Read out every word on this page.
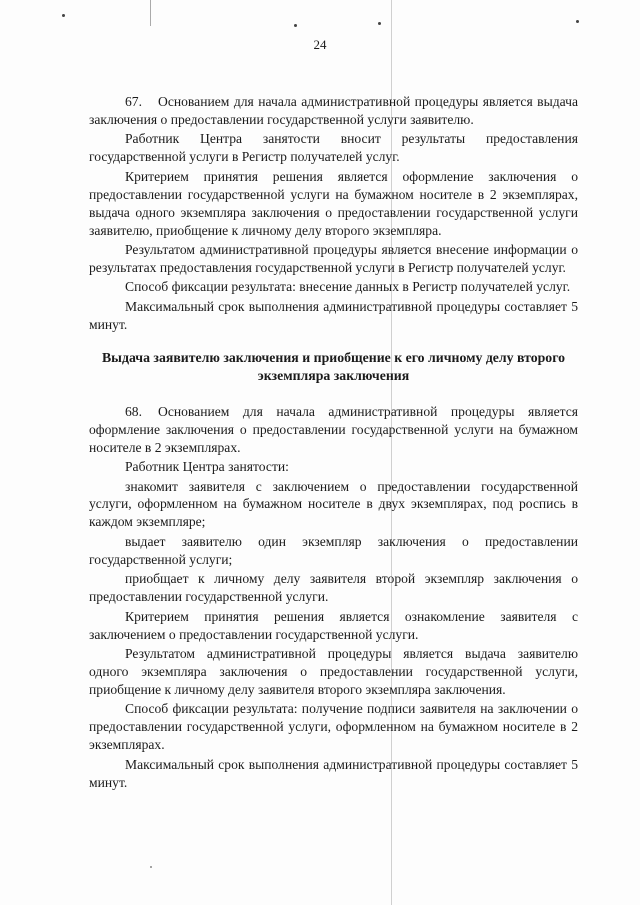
24

67. Основанием для начала административной процедуры является выдача заключения о предоставлении государственной услуги заявителю.

Работник Центра занятости вносит результаты предоставления государственной услуги в Регистр получателей услуг.

Критерием принятия решения является оформление заключения о предоставлении государственной услуги на бумажном носителе в 2 экземплярах, выдача одного экземпляра заключения о предоставлении государственной услуги заявителю, приобщение к личному делу второго экземпляра.

Результатом административной процедуры является внесение информации о результатах предоставления государственной услуги в Регистр получателей услуг.

Способ фиксации результата: внесение данных в Регистр получателей услуг.

Максимальный срок выполнения административной процедуры составляет 5 минут.

Выдача заявителю заключения и приобщение к его личному делу второго экземпляра заключения

68. Основанием для начала административной процедуры является оформление заключения о предоставлении государственной услуги на бумажном носителе в 2 экземплярах.

Работник Центра занятости:

знакомит заявителя с заключением о предоставлении государственной услуги, оформленном на бумажном носителе в двух экземплярах, под роспись в каждом экземпляре;

выдает заявителю один экземпляр заключения о предоставлении государственной услуги;

приобщает к личному делу заявителя второй экземпляр заключения о предоставлении государственной услуги.

Критерием принятия решения является ознакомление заявителя с заключением о предоставлении государственной услуги.

Результатом административной процедуры является выдача заявителю одного экземпляра заключения о предоставлении государственной услуги, приобщение к личному делу заявителя второго экземпляра заключения.

Способ фиксации результата: получение подписи заявителя на заключении о предоставлении государственной услуги, оформленном на бумажном носителе в 2 экземплярах.

Максимальный срок выполнения административной процедуры составляет 5 минут.
